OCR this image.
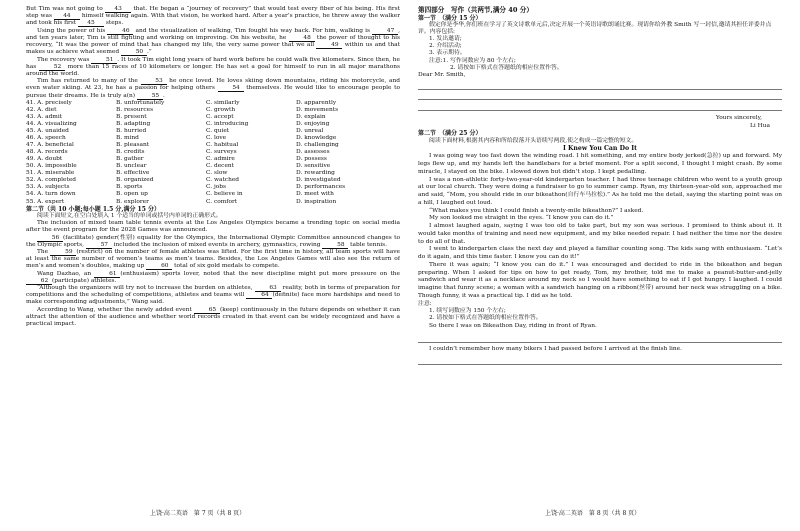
But Tim was not going to 43 that. He began a “journey of recovery” that would test every fiber of his being. His first step was 44 himself walking again. With that vision, he worked hard. After a year’s practice, he threw away the walker and took his first 45 steps.

Using the power of his	46 and the visualization of walking, Tim fought his way back. For him, walking is	47 , and ten years later, Tim is still fighting and working on improving. On his website, he	48 the power of thought to his recovery, “It was the power of mind that has changed my life, the very same power that we all	49 within us and that makes us achieve what seemed	50 .”

The recovery was	51 . It took Tim eight long years of hard work before he could walk five kilometers. Since then, he has	52 more than 15 races of 10 kilometers or longer. He has set a goal for himself to run in all major marathons around the world.

Tim has returned to many of the	53 he once loved. He loves skiing down mountains, riding his motorcycle, and even water skiing. At 23, he has a passion for helping others	54 themselves. He would like to encourage people to pursue their dreams. He is truly a(n)	55 .

41. A. precisely	B. unfortunately	C. similarly	D. apparently
42. A. diet	B. resources	C. growth	D. movements
43. A. admit	B. present	C. accept	D. explain
44. A. visualizing	B. adapting	C. introducing	D. enjoying
45. A. unaided	B. hurried	C. quiet	D. unreal
46. A. speech	B. mind	C. love	D. knowledge
47. A. beneficial	B. pleasant	C. habitual	D. challenging
48. A. records	B. credits	C. surveys	D. assesses
49. A. doubt	B. gather	C. admire	D. possess
50. A. impossible	B. unclear	C. decent	D. sensitive
51. A. miserable	B. effective	C. slow	D. rewarding
52. A. completed	B. organized	C. watched	D. investigated
53. A. subjects	B. sports	C. jobs	D. performances
54. A. turn down	B. open up	C. believe in	D. meet with
55. A. expert	B. explorer	C. comfort	D. inspiration

第二节（共 10 小题;每小题 1.5 分,满分 15 分）

阅读下面短文,在空白处填入 1 个适当的单词或括号内单词的正确形式。

The inclusion of mixed team table tennis events at the Los Angeles Olympics became a trending topic on social media after the event program for the 2028 Games was announced.

56 (facilitate) gender(性别) equality for the Olympics, the International Olympic Committee announced changes to the Olympic sports,	57 included the inclusion of mixed events in archery, gymnastics, rowing	58 table tennis.

The	59 (restrict) on the number of female athletes was lifted. For the first time in history, all team sports will have at least the same number of women’s teams as men’s teams. Besides, the Los Angeles Games will also see the return of men’s and women’s doubles, making up	60 total of six gold medals to compete.

Wang Dazhao, an	61 (enthusiasm) sports lover, noted that the new discipline might put more pressure on the 62 (participate) athletes.

“Although the organizers will try not to increase the burden on athletes,	63 reality, both in terms of preparation for competitions and the scheduling of competitions, athletes and teams will	64 (definite) face more hardships and need to make corresponding adjustments,” Wang said.

According to Wang, whether the newly added event	65 (keep) continuously in the future depends on whether it can attract the attention of the audience and whether world records created in that event can be widely recognized and have a practical impact.

第四部分　写作（共两节,满分 40 分）

第一节　（满分 15 分）

假定你是李华,你们班在学习了英文诗歌单元后,决定开展一个英语诗歌朗诵比赛。现请你给外教 Smith 写一封信,邀请其担任评委并点评。内容包括:

1. 发出邀请;

2. 介绍活动;

3. 表示期待。

注意:1. 写作词数应为 80 个左右;

2. 请按如下格式在答题纸的相应位置作答。

Dear Mr. Smith,

Yours sincerely,

Li Hua

第二节　（满分 25 分）

阅读下面材料,根据其内容和所给段落开头语续写两段,使之构成一篇完整的短文。

I Knew You Can Do It

I was going way too fast down the winding road. I hit something, and my entire body jerked(急拉) up and forward. My legs flew up, and my hands left the handlebars for a brief moment. For a split second, I thought I might crash. By some miracle, I stayed on the bike. I slowed down but didn’t stop. I kept pedalling.

I was a non-athletic forty-two-year-old kindergarten teacher. I had three teenage children who went to a youth group at our local church. They were doing a fundraiser to go to summer camp. Ryan, my thirteen-year-old son, approached me and said, “Mom, you should ride in our bikeathon(自行车马拉松).” As he told me the detail, saying the starting point was on a hill, I laughed out loud.

“What makes you think I could finish a twenty-mile bikeathon?” I asked.

My son looked me straight in the eyes. “I know you can do it.”

I almost laughed again, saying I was too old to take part, but my son was serious. I promised to think about it. It would take months of training and need new equipment, and my bike needed repair. I had neither the time nor the desire to do all of that.

I went to kindergarten class the next day and played a familiar counting song. The kids sang with enthusiasm. “Let’s do it again, and this time faster. I know you can do it!”

There it was again; “I know you can do it.” I was encouraged and decided to ride in the bikeathon and began preparing. When I asked for tips on how to get ready, Tom, my brother, told me to make a peanut-butter-and-jelly sandwich and wear it as a necklace around my neck so I would have something to eat if I got hungry. I laughed. I could imagine that funny scene; a woman with a sandwich hanging on a ribbon(丝带) around her neck was struggling on a bike. Though funny, it was a practical tip. I did as he told.

注意:

1. 续写词数应为 150 个左右;

2. 请按如下格式在答题纸的相应位置作答。

So there I was on Bikeathon Day, riding in front of Ryan.

I couldn’t remember how many bikers I had passed before I arrived at the finish line.

上饶·高二英语　第 7 页（共 8 页）	上饶·高二英语　第 8 页（共 8 页）
